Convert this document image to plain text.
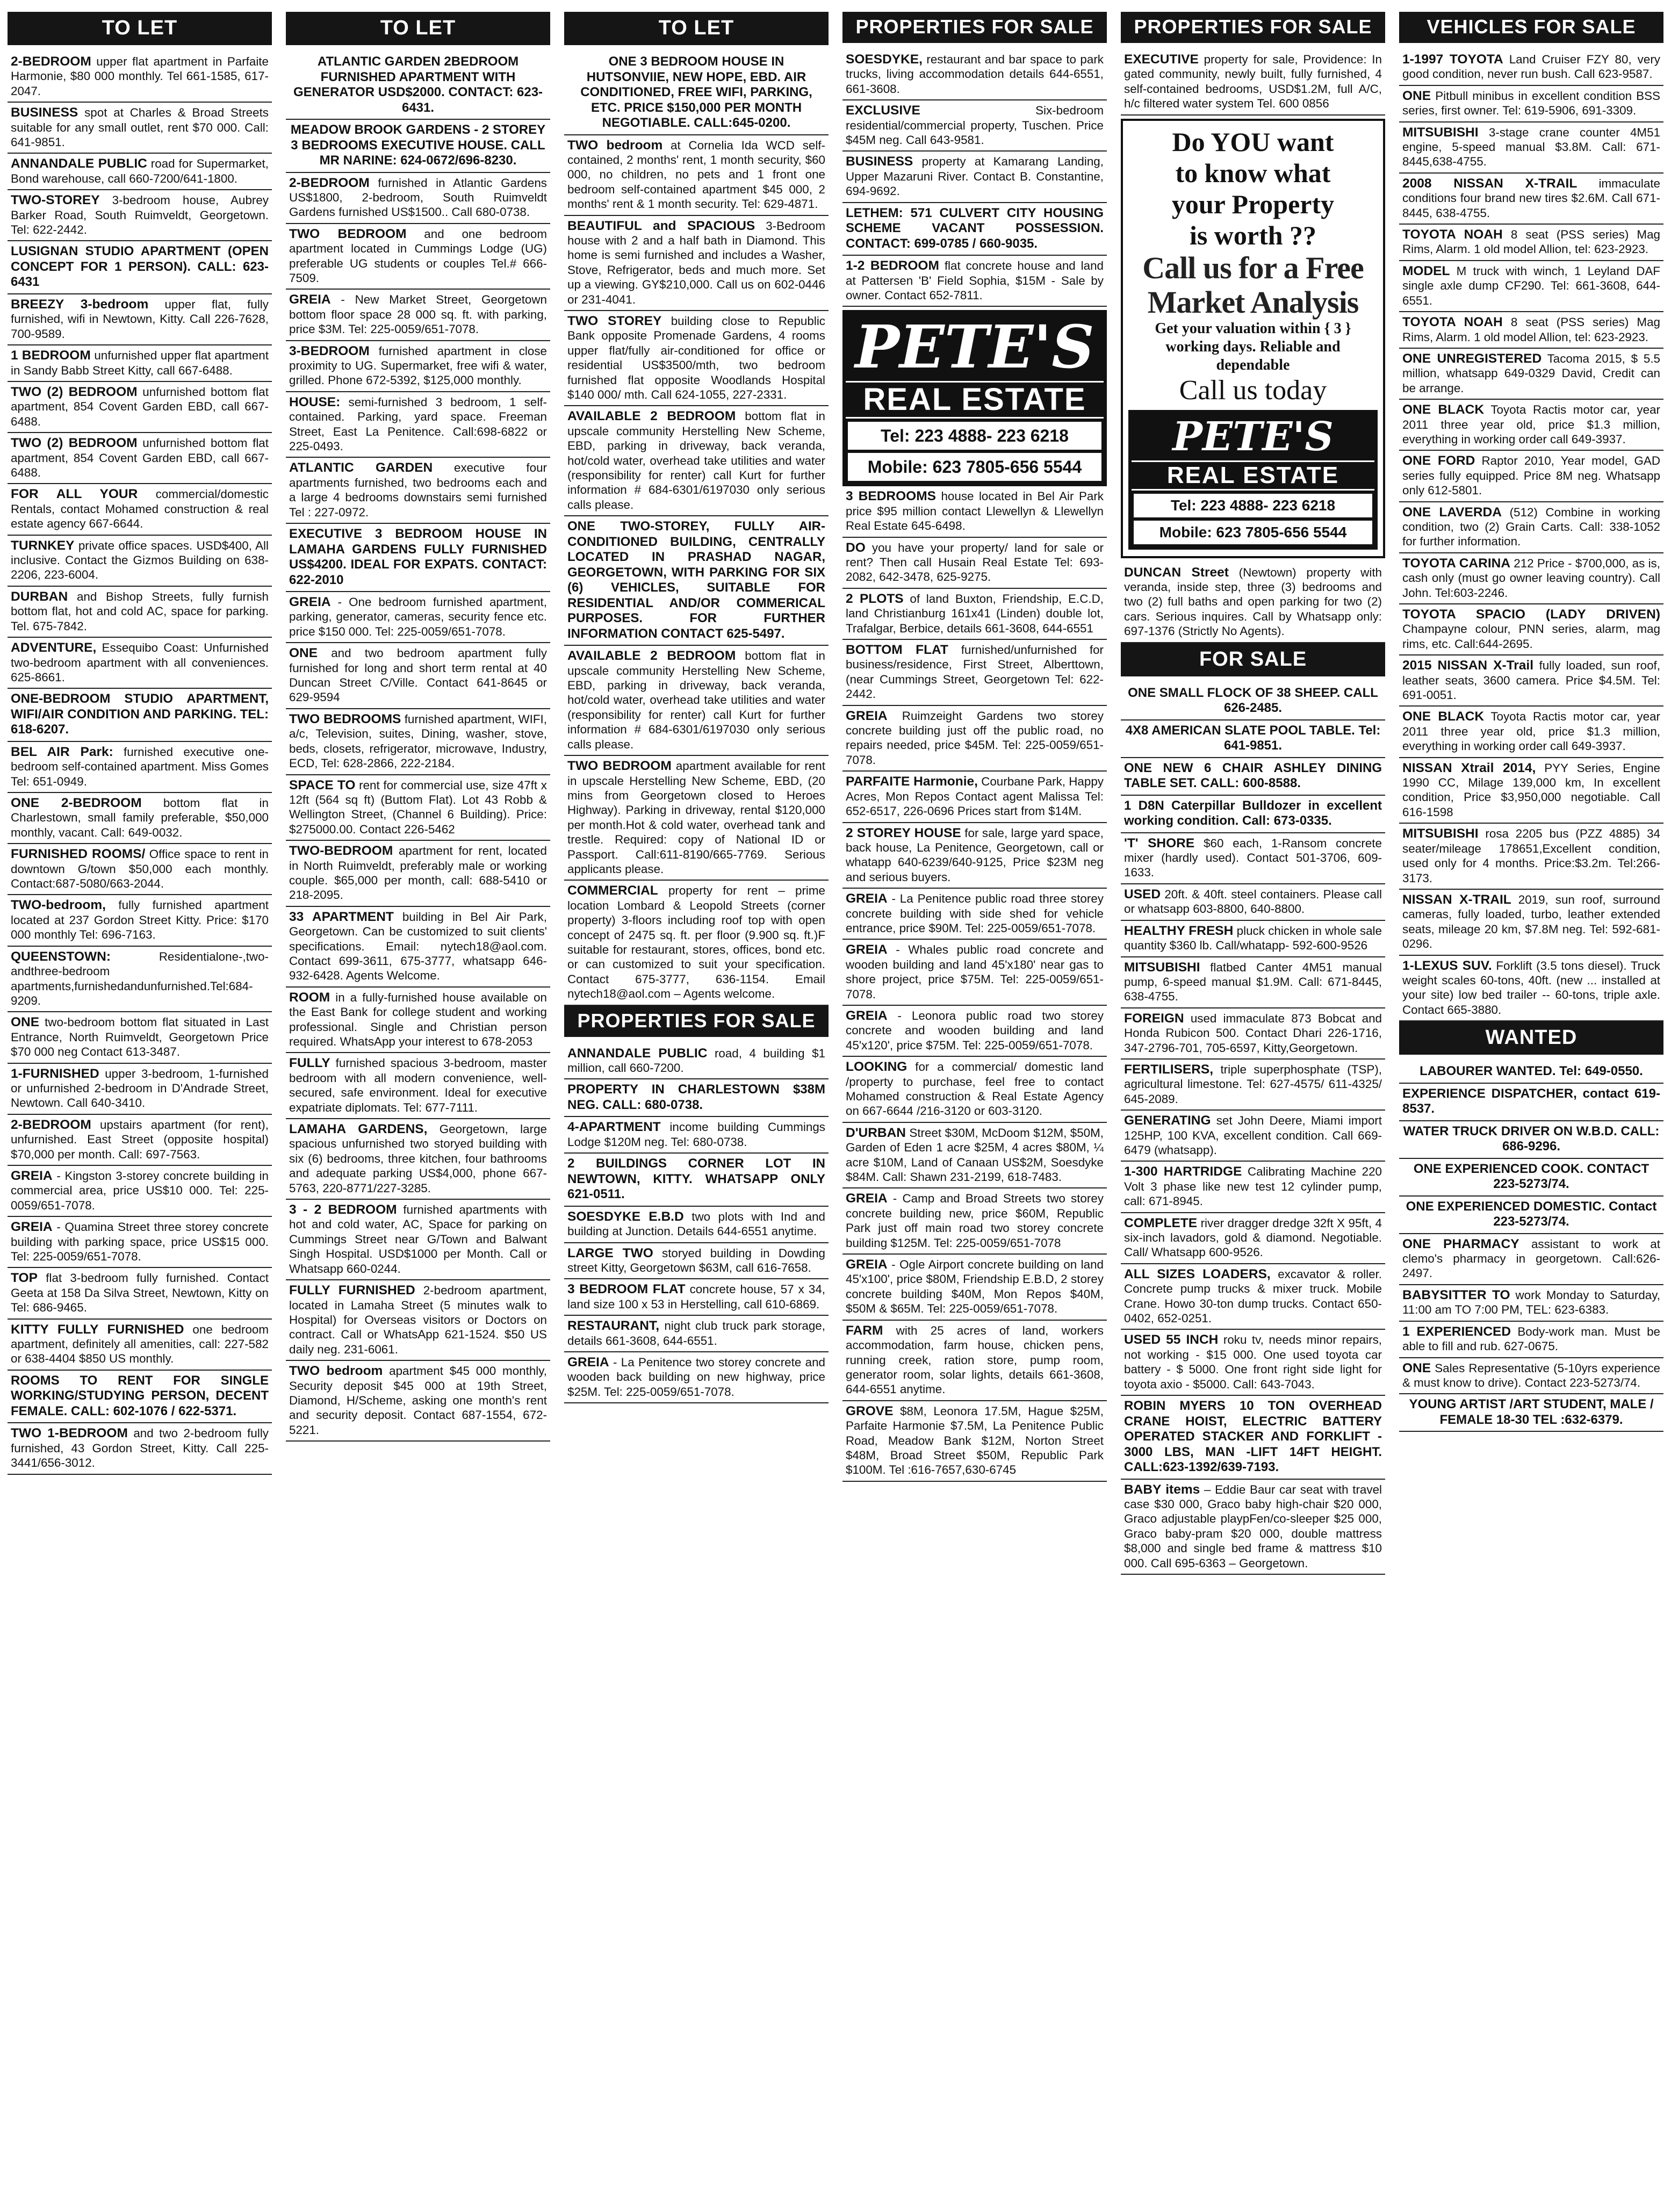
TO LET
2-BEDROOM upper flat apartment in Parfaite Harmonie, $80 000 monthly. Tel 661-1585, 617-2047.
BUSINESS spot at Charles & Broad Streets suitable for any small outlet, rent $70 000. Call: 641-9851.
ANNANDALE PUBLIC road for Supermarket, Bond warehouse, call 660-7200/641-1800.
TWO-STOREY 3-bedroom house, Aubrey Barker Road, South Ruimveldt, Georgetown. Tel: 622-2442.
LUSIGNAN STUDIO APARTMENT (OPEN CONCEPT FOR 1 PERSON). CALL: 623-6431
BREEZY 3-bedroom upper flat, fully furnished, wifi in Newtown, Kitty. Call 226-7628, 700-9589.
1 BEDROOM unfurnished upper flat apartment in Sandy Babb Street Kitty, call 667-6488.
TWO (2) BEDROOM unfurnished bottom flat apartment, 854 Covent Garden EBD, call 667-6488.
TWO (2) BEDROOM unfurnished bottom flat apartment, 854 Covent Garden EBD, call 667-6488.
FOR ALL YOUR commercial/domestic Rentals, contact Mohamed construction & real estate agency 667-6644.
TURNKEY private office spaces. USD$400, All inclusive. Contact the Gizmos Building on 638-2206, 223-6004.
DURBAN and Bishop Streets, fully furnish bottom flat, hot and cold AC, space for parking. Tel. 675-7842.
ADVENTURE, Essequibo Coast: Unfurnished two-bedroom apartment with all conveniences. 625-8661.
ONE-BEDROOM STUDIO APARTMENT, WIFI/AIR CONDITION AND PARKING. TEL: 618-6207.
BEL AIR Park: furnished executive one-bedroom self-contained apartment. Miss Gomes Tel: 651-0949.
ONE 2-BEDROOM bottom flat in Charlestown, small family preferable, $50,000 monthly, vacant. Call: 649-0032.
FURNISHED ROOMS/ Office space to rent in downtown G/town $50,000 each monthly. Contact:687-5080/663-2044.
TWO-bedroom, fully furnished apartment located at 237 Gordon Street Kitty. Price: $170 000 monthly Tel: 696-7163.
QUEENSTOWN:	Residentialone-,two-andthree-bedroom apartments,furnishedandunfurnished.Tel:684-9209.
ONE two-bedroom bottom flat situated in Last Entrance, North Ruimveldt, Georgetown Price $70 000 neg Contact 613-3487.
1-FURNISHED upper 3-bedroom, 1-furnished or unfurnished 2-bedroom in D'Andrade Street, Newtown. Call 640-3410.
2-BEDROOM upstairs apartment (for rent), unfurnished. East Street (opposite hospital) $70,000 per month. Call: 697-7563.
GREIA - Kingston 3-storey concrete building in commercial area, price US$10 000. Tel: 225-0059/651-7078.
GREIA - Quamina Street three storey concrete building with parking space, price US$15 000. Tel: 225-0059/651-7078.
TOP flat 3-bedroom fully furnished. Contact Geeta at 158 Da Silva Street, Newtown, Kitty on Tel: 686-9465.
KITTY FULLY FURNISHED one bedroom apartment, definitely all amenities, call: 227-582 or 638-4404 $850 US monthly.
ROOMS TO RENT FOR SINGLE WORKING/STUDYING PERSON, DECENT FEMALE. CALL: 602-1076 / 622-5371.
TWO 1-BEDROOM and two 2-bedroom fully furnished, 43 Gordon Street, Kitty. Call 225-3441/656-3012.
TO LET
ATLANTIC GARDEN 2BEDROOM FURNISHED APARTMENT WITH GENERATOR USD$2000. CONTACT: 623-6431.
MEADOW BROOK GARDENS - 2 STOREY 3 BEDROOMS EXECUTIVE HOUSE. CALL MR NARINE: 624-0672/696-8230.
2-BEDROOM furnished in Atlantic Gardens US$1800, 2-bedroom, South Ruimveldt Gardens furnished US$1500.. Call 680-0738.
TWO BEDROOM and one bedroom apartment located in Cummings Lodge (UG) preferable UG students or couples Tel.# 666-7509.
GREIA - New Market Street, Georgetown bottom floor space 28 000 sq. ft. with parking, price $3M. Tel: 225-0059/651-7078.
3-BEDROOM furnished apartment in close proximity to UG. Supermarket, free wifi & water, grilled. Phone 672-5392, $125,000 monthly.
HOUSE: semi-furnished 3 bedroom, 1 self-contained. Parking, yard space. Freeman Street, East La Penitence. Call:698-6822 or 225-0493.
ATLANTIC GARDEN executive four apartments furnished, two bedrooms each and a large 4 bedrooms downstairs semi furnished Tel : 227-0972.
EXECUTIVE 3 BEDROOM HOUSE IN LAMAHA GARDENS FULLY FURNISHED US$4200. IDEAL FOR EXPATS. CONTACT: 622-2010
GREIA - One bedroom furnished apartment, parking, generator, cameras, security fence etc. price $150 000. Tel: 225-0059/651-7078.
ONE and two bedroom apartment fully furnished for long and short term rental at 40 Duncan Street C/Ville. Contact 641-8645 or 629-9594
TWO BEDROOMS furnished apartment, WIFI, a/c, Television, suites, Dining, washer, stove, beds, closets, refrigerator, microwave, Industry, ECD, Tel: 628-2866, 222-2184.
SPACE TO rent for commercial use, size 47ft x 12ft (564 sq ft) (Buttom Flat). Lot 43 Robb & Wellington Street, (Channel 6 Building). Price: $275000.00. Contact 226-5462
TWO-BEDROOM apartment for rent, located in North Ruimveldt, preferably male or working couple. $65,000 per month, call: 688-5410 or 218-2095.
33 APARTMENT building in Bel Air Park, Georgetown. Can be customized to suit clients' specifications. Email: nytech18@aol.com. Contact 699-3611, 675-3777, whatsapp 646-932-6428. Agents Welcome.
ROOM in a fully-furnished house available on the East Bank for college student and working professional. Single and Christian person required. WhatsApp your interest to 678-2053
FULLY furnished spacious 3-bedroom, master bedroom with all modern convenience, well-secured, safe environment. Ideal for executive expatriate diplomats. Tel: 677-7111.
LAMAHA GARDENS, Georgetown, large spacious unfurnished two storyed building with six (6) bedrooms, three kitchen, four bathrooms and adequate parking US$4,000, phone 667-5763, 220-8771/227-3285.
3 - 2 BEDROOM furnished apartments with hot and cold water, AC, Space for parking on Cummings Street near G/Town and Balwant Singh Hospital. USD$1000 per Month. Call or Whatsapp 660-0244.
FULLY FURNISHED 2-bedroom apartment, located in Lamaha Street (5 minutes walk to Hospital) for Overseas visitors or Doctors on contract. Call or WhatsApp 621-1524. $50 US daily neg. 231-6061.
TWO bedroom apartment $45 000 monthly, Security deposit $45 000 at 19th Street, Diamond, H/Scheme, asking one month's rent and security deposit. Contact 687-1554, 672-5221.
TO LET
ONE 3 BEDROOM HOUSE IN HUTSONVIIE, NEW HOPE, EBD. AIR CONDITIONED, FREE WIFI, PARKING, ETC. PRICE $150,000 PER MONTH NEGOTIABLE. CALL:645-0200.
TWO bedroom at Cornelia Ida WCD self-contained, 2 months' rent, 1 month security, $60 000, no children, no pets and 1 front one bedroom self-contained apartment $45 000, 2 months' rent & 1 month security. Tel: 629-4871.
BEAUTIFUL and SPACIOUS 3-Bedroom house with 2 and a half bath in Diamond. This home is semi furnished and includes a Washer, Stove, Refrigerator, beds and much more. Set up a viewing. GY$210,000. Call us on 602-0446 or 231-4041.
TWO STOREY building close to Republic Bank opposite Promenade Gardens, 4 rooms upper flat/fully air-conditioned for office or residential US$3500/mth, two bedroom furnished flat opposite Woodlands Hospital $140 000/ mth. Call 624-1055, 227-2331.
AVAILABLE 2 BEDROOM bottom flat in upscale community Herstelling New Scheme, EBD, parking in driveway, back veranda, hot/cold water, overhead take utilities and water (responsibility for renter) call Kurt for further information # 684-6301/6197030 only serious calls please.
ONE TWO-STOREY, FULLY AIR-CONDITIONED BUILDING, CENTRALLY LOCATED IN PRASHAD NAGAR, GEORGETOWN, WITH PARKING FOR SIX (6) VEHICLES, SUITABLE FOR RESIDENTIAL AND/OR COMMERICAL PURPOSES. FOR FURTHER INFORMATION CONTACT 625-5497.
AVAILABLE 2 BEDROOM bottom flat in upscale community Herstelling New Scheme, EBD, parking in driveway, back veranda, hot/cold water, overhead take utilities and water (responsibility for renter) call Kurt for further information # 684-6301/6197030 only serious calls please.
TWO BEDROOM apartment available for rent in upscale Herstelling New Scheme, EBD, (20 mins from Georgetown closed to Heroes Highway). Parking in driveway, rental $120,000 per month.Hot & cold water, overhead tank and trestle. Required: copy of National ID or Passport. Call:611-8190/665-7769. Serious applicants please.
COMMERCIAL property for rent – prime location Lombard & Leopold Streets (corner property) 3-floors including roof top with open concept of 2475 sq. ft. per floor (9.900 sq. ft.)F suitable for restaurant, stores, offices, bond etc. or can customized to suit your specification. Contact 675-3777, 636-1154. Email nytech18@aol.com – Agents welcome.
PROPERTIES FOR SALE
ANNANDALE PUBLIC road, 4 building $1 million, call 660-7200.
PROPERTY IN CHARLESTOWN $38M NEG. CALL: 680-0738.
4-APARTMENT income building Cummings Lodge $120M neg. Tel: 680-0738.
2 BUILDINGS CORNER LOT IN NEWTOWN, KITTY. WHATSAPP ONLY 621-0511.
SOESDYKE E.B.D two plots with Ind and building at Junction. Details 644-6551 anytime.
LARGE TWO storyed building in Dowding street Kitty, Georgetown $63M, call 616-7658.
3 BEDROOM FLAT concrete house, 57 x 34, land size 100 x 53 in Herstelling, call 610-6869.
RESTAURANT, night club truck park storage, details 661-3608, 644-6551.
GREIA - La Penitence two storey concrete and wooden back building on new highway, price $25M. Tel: 225-0059/651-7078.
PROPERTIES FOR SALE
SOESDYKE, restaurant and bar space to park trucks, living accommodation details 644-6551, 661-3608.
EXCLUSIVE	Six-bedroom residential/commercial property, Tuschen. Price $45M neg. Call 643-9581.
BUSINESS property at Kamarang Landing, Upper Mazaruni River. Contact B. Constantine, 694-9692.
LETHEM: 571 CULVERT CITY HOUSING SCHEME VACANT POSSESSION. CONTACT: 699-0785 / 660-9035.
1-2 BEDROOM flat concrete house and land at Pattersen 'B' Field Sophia, $15M - Sale by owner. Contact 652-7811.
PETE'S
REAL ESTATE
Tel: 223 4888- 223 6218
Mobile: 623 7805-656 5544
3 BEDROOMS house located in Bel Air Park price $95 million contact Llewellyn & Llewellyn Real Estate 645-6498.
DO you have your property/ land for sale or rent? Then call Husain Real Estate Tel: 693-2082, 642-3478, 625-9275.
2 PLOTS of land Buxton, Friendship, E.C.D, land Christianburg 161x41 (Linden) double lot, Trafalgar, Berbice, details 661-3608, 644-6551
BOTTOM FLAT furnished/unfurnished for business/residence, First Street, Alberttown, (near Cummings Street, Georgetown Tel: 622-2442.
GREIA Ruimzeight Gardens two storey concrete building just off the public road, no repairs needed, price $45M. Tel: 225-0059/651-7078.
PARFAITE Harmonie, Courbane Park, Happy Acres, Mon Repos Contact agent Malissa Tel: 652-6517, 226-0696 Prices start from $14M.
2 STOREY HOUSE for sale, large yard space, back house, La Penitence, Georgetown, call or whatapp 640-6239/640-9125, Price $23M neg and serious buyers.
GREIA - La Penitence public road three storey concrete building with side shed for vehicle entrance, price $90M. Tel: 225-0059/651-7078.
GREIA - Whales public road concrete and wooden building and land 45'x180' near gas to shore project, price $75M. Tel: 225-0059/651-7078.
GREIA - Leonora public road two storey concrete and wooden building and land 45'x120', price $75M. Tel: 225-0059/651-7078.
LOOKING for a commercial/ domestic land /property to purchase, feel free to contact Mohamed construction & Real Estate Agency on 667-6644 /216-3120 or 603-3120.
D'URBAN Street $30M, McDoom $12M, $50M, Garden of Eden 1 acre $25M, 4 acres $80M, ¼ acre $10M, Land of Canaan US$2M, Soesdyke $84M. Call: Shawn 231-2199, 618-7483.
GREIA - Camp and Broad Streets two storey concrete building new, price $60M, Republic Park just off main road two storey concrete building $125M. Tel: 225-0059/651-7078
GREIA - Ogle Airport concrete building on land 45'x100', price $80M, Friendship E.B.D, 2 storey concrete building $40M, Mon Repos $40M, $50M & $65M. Tel: 225-0059/651-7078.
FARM with 25 acres of land, workers accommodation, farm house, chicken pens, running creek, ration store, pump room, generator room, solar lights, details 661-3608, 644-6551 anytime.
GROVE $8M, Leonora 17.5M, Hague $25M, Parfaite Harmonie $7.5M, La Penitence Public Road, Meadow Bank $12M, Norton Street $48M, Broad Street $50M, Republic Park $100M. Tel :616-7657,630-6745
PROPERTIES FOR SALE
EXECUTIVE property for sale, Providence: In gated community, newly built, fully furnished, 4 self-contained bedrooms, USD$1.2M, full A/C, h/c filtered water system Tel. 600 0856
Do YOU want
to know what
your Property
is worth ??
Call us for a Free
Market Analysis
Get your valuation within { 3 }
working days. Reliable and dependable
Call us today
PETE'S
REAL ESTATE
Tel: 223 4888- 223 6218
Mobile: 623 7805-656 5544
DUNCAN Street (Newtown) property with veranda, inside step, three (3) bedrooms and two (2) full baths and open parking for two (2) cars. Serious inquires. Call by Whatsapp only: 697-1376 (Strictly No Agents).
FOR SALE
ONE SMALL FLOCK OF 38 SHEEP. CALL 626-2485.
4X8 AMERICAN SLATE POOL TABLE. Tel: 641-9851.
ONE NEW 6 CHAIR ASHLEY DINING TABLE SET. CALL: 600-8588.
1 D8N Caterpillar Bulldozer in excellent working condition. Call: 673-0335.
'T' SHORE $60 each, 1-Ransom concrete mixer (hardly used). Contact 501-3706, 609-1633.
USED 20ft. & 40ft. steel containers. Please call or whatsapp 603-8800, 640-8800.
HEALTHY FRESH pluck chicken in whole sale quantity $360 lb. Call/whatapp- 592-600-9526
MITSUBISHI flatbed Canter 4M51 manual pump, 6-speed manual $1.9M. Call: 671-8445, 638-4755.
FOREIGN used immaculate 873 Bobcat and Honda Rubicon 500. Contact Dhari 226-1716, 347-2796-701, 705-6597, Kitty,Georgetown.
FERTILISERS, triple superphosphate (TSP), agricultural limestone. Tel: 627-4575/ 611-4325/ 645-2089.
GENERATING set John Deere, Miami import 125HP, 100 KVA, excellent condition. Call 669-6479 (whatsapp).
1-300 HARTRIDGE Calibrating Machine 220 Volt 3 phase like new test 12 cylinder pump, call: 671-8945.
COMPLETE river dragger dredge 32ft X 95ft, 4 six-inch lavadors, gold & diamond. Negotiable. Call/ Whatsapp 600-9526.
ALL SIZES LOADERS, excavator & roller. Concrete pump trucks & mixer truck. Mobile Crane. Howo 30-ton dump trucks. Contact 650-0402, 652-0251.
USED 55 INCH roku tv, needs minor repairs, not working - $15 000. One used toyota car battery - $ 5000. One front right side light for toyota axio - $5000. Call: 643-7043.
ROBIN MYERS 10 TON OVERHEAD CRANE HOIST, ELECTRIC BATTERY OPERATED STACKER AND FORKLIFT - 3000 LBS, MAN -LIFT 14FT HEIGHT. CALL:623-1392/639-7193.
BABY items – Eddie Baur car seat with travel case $30 000, Graco baby high-chair $20 000, Graco adjustable playpFen/co-sleeper $25 000, Graco baby-pram $20 000, double mattress $8,000 and single bed frame & mattress $10 000. Call 695-6363 – Georgetown.
VEHICLES FOR SALE
1-1997 TOYOTA Land Cruiser FZY 80, very good condition, never run bush. Call 623-9587.
ONE Pitbull minibus in excellent condition BSS series, first owner. Tel: 619-5906, 691-3309.
MITSUBISHI 3-stage crane counter 4M51 engine, 5-speed manual $3.8M. Call: 671-8445,638-4755.
2008 NISSAN X-TRAIL immaculate conditions four brand new tires $2.6M. Call 671-8445, 638-4755.
TOYOTA NOAH 8 seat (PSS series) Mag Rims, Alarm. 1 old model Allion, tel: 623-2923.
MODEL M truck with winch, 1 Leyland DAF single axle dump CF290. Tel: 661-3608, 644-6551.
TOYOTA NOAH 8 seat (PSS series) Mag Rims, Alarm. 1 old model Allion, tel: 623-2923.
ONE UNREGISTERED Tacoma 2015, $ 5.5 million, whatsapp 649-0329 David, Credit can be arrange.
ONE BLACK Toyota Ractis motor car, year 2011 three year old, price $1.3 million, everything in working order call 649-3937.
ONE FORD Raptor 2010, Year model, GAD series fully equipped. Price 8M neg. Whatsapp only 612-5801.
ONE LAVERDA (512) Combine in working condition, two (2) Grain Carts. Call: 338-1052 for further information.
TOYOTA CARINA 212 Price - $700,000, as is, cash only (must go owner leaving country). Call John. Tel:603-2246.
TOYOTA SPACIO (LADY DRIVEN) Champayne colour, PNN series, alarm, mag rims, etc. Call:644-2695.
2015 NISSAN X-Trail fully loaded, sun roof, leather seats, 3600 camera. Price $4.5M. Tel: 691-0051.
ONE BLACK Toyota Ractis motor car, year 2011 three year old, price $1.3 million, everything in working order call 649-3937.
NISSAN Xtrail 2014, PYY Series, Engine 1990 CC, Milage 139,000 km, In excellent condition, Price $3,950,000 negotiable. Call 616-1598
MITSUBISHI rosa 2205 bus (PZZ 4885) 34 seater/mileage 178651,Excellent condition, used only for 4 months. Price:$3.2m. Tel:266-3173.
NISSAN X-TRAIL 2019, sun roof, surround cameras, fully loaded, turbo, leather extended seats, mileage 20 km, $7.8M neg. Tel: 592-681-0296.
1-LEXUS SUV. Forklift (3.5 tons diesel). Truck weight scales 60-tons, 40ft. (new ... installed at your site) low bed trailer -- 60-tons, triple axle. Contact 665-3880.
WANTED
LABOURER WANTED. Tel: 649-0550.
EXPERIENCE DISPATCHER, contact 619-8537.
WATER TRUCK DRIVER ON W.B.D. CALL: 686-9296.
ONE EXPERIENCED COOK. CONTACT 223-5273/74.
ONE EXPERIENCED DOMESTIC. Contact 223-5273/74.
ONE PHARMACY assistant to work at clemo's pharmacy in georgetown. Call:626-2497.
BABYSITTER TO work Monday to Saturday, 11:00 am TO 7:00 PM, TEL: 623-6383.
1 EXPERIENCED Body-work man. Must be able to fill and rub. 627-0675.
ONE Sales Representative (5-10yrs experience & must know to drive). Contact 223-5273/74.
YOUNG ARTIST /ART STUDENT, MALE / FEMALE 18-30 TEL :632-6379.
